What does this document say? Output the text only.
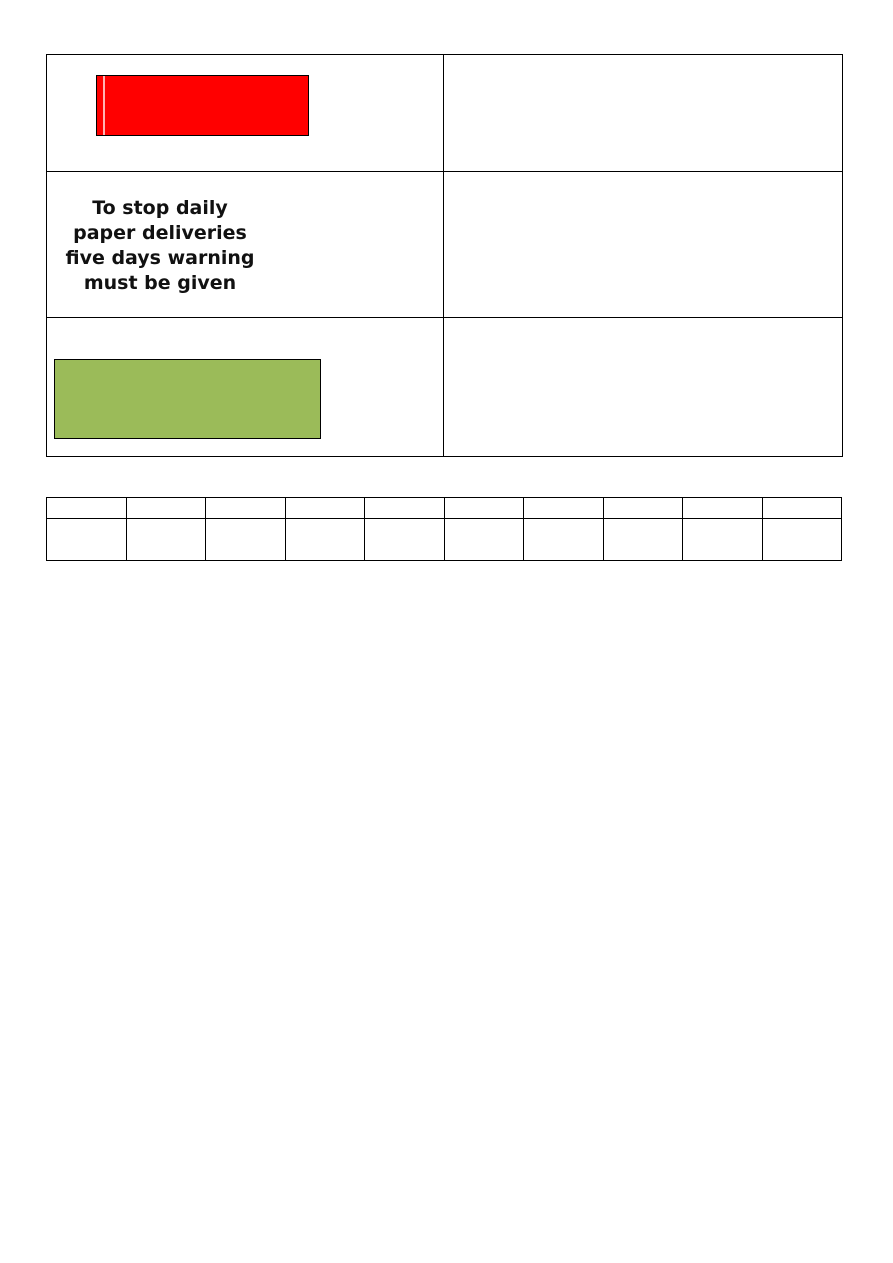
To stop daily
paper deliveries
five days warning
must be given	
